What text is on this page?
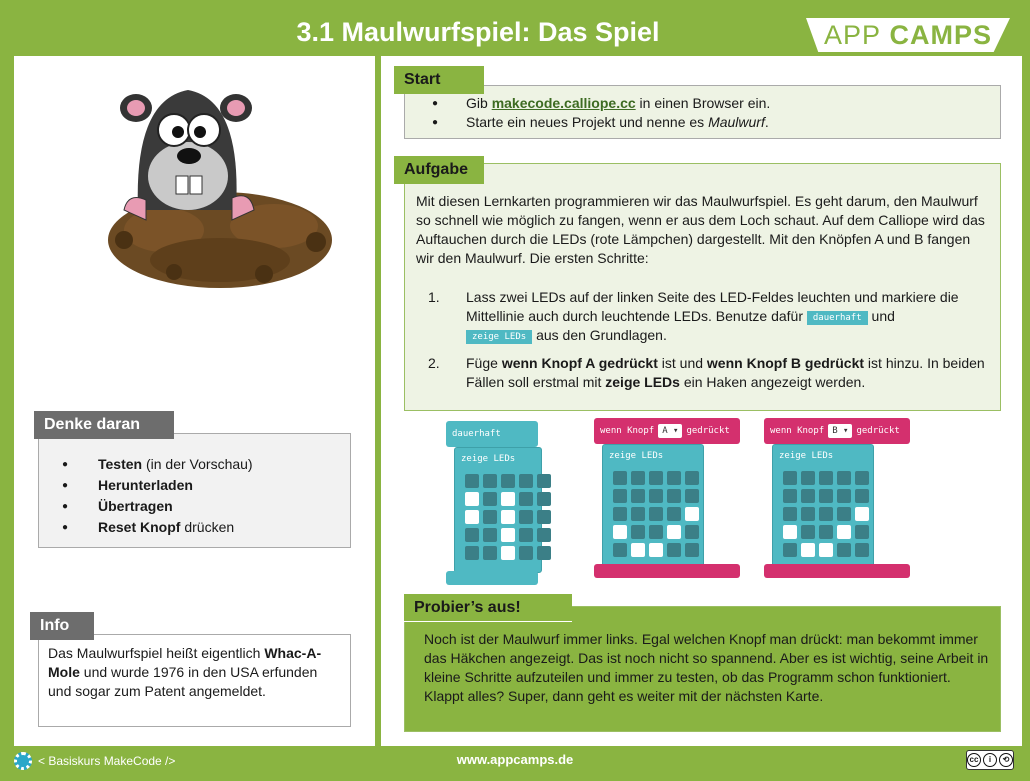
3.1 Maulwurfspiel: Das Spiel	APP CAMPS
Denke daran
● Testen (in der Vorschau)
● Herunterladen
● Übertragen
● Reset Knopf drücken
Info
Das Maulwurfspiel heißt eigentlich Whac-A-Mole und wurde 1976 in den USA erfunden und sogar zum Patent angemeldet.
Start
● Gib makecode.calliope.cc in einen Browser ein.
● Starte ein neues Projekt und nenne es Maulwurf.
Aufgabe
Mit diesen Lernkarten programmieren wir das Maulwurfspiel. Es geht darum, den Maulwurf so schnell wie möglich zu fangen, wenn er aus dem Loch schaut. Auf dem Calliope wird das Auftauchen durch die LEDs (rote Lämpchen) dargestellt. Mit den Knöpfen A und B fangen wir den Maulwurf. Die ersten Schritte:
1. Lass zwei LEDs auf der linken Seite des LED-Feldes leuchten und markiere die Mittellinie auch durch leuchtende LEDs. Benutze dafür dauerhaft und
zeige LEDs aus den Grundlagen.
2. Füge wenn Knopf A gedrückt ist und wenn Knopf B gedrückt ist hinzu. In beiden Fällen soll erstmal mit zeige LEDs ein Haken angezeigt werden.
dauerhaft
zeige LEDs
wenn Knopf A ▾ gedrückt
zeige LEDs
wenn Knopf B ▾ gedrückt
zeige LEDs
Probier’s aus!
Noch ist der Maulwurf immer links. Egal welchen Knopf man drückt: man bekommt immer das Häkchen angezeigt. Das ist noch nicht so spannend. Aber es ist wichtig, seine Arbeit in kleine Schritte aufzuteilen und immer zu testen, ob das Programm schon funktioniert.
Klappt alles? Super, dann geht es weiter mit der nächsten Karte.
< Basiskurs MakeCode />	www.appcamps.de	cc	i	⟲
